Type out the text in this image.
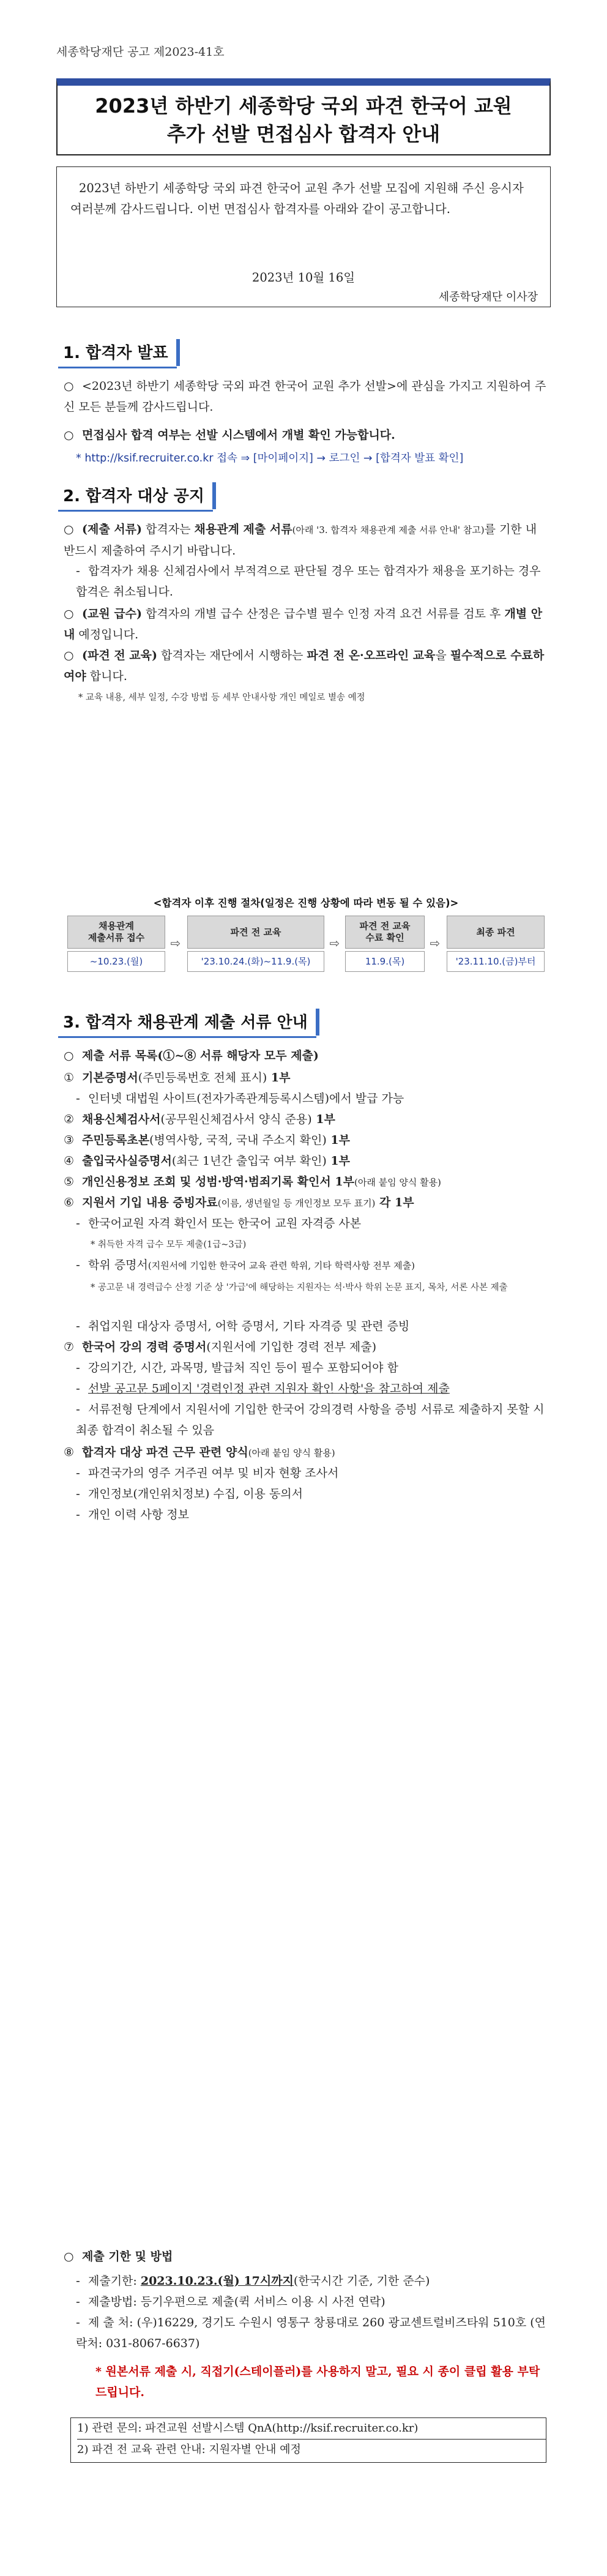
세종학당재단 공고 제2023-41호
2023년 하반기 세종학당 국외 파견 한국어 교원
추가 선발 면접심사 합격자 안내
2023년 하반기 세종학당 국외 파견 한국어 교원 추가 선발 모집에 지원해 주신 응시자 여러분께 감사드립니다. 이번 면접심사 합격자를 아래와 같이 공고합니다.
2023년 10월 16일
세종학당재단 이사장
1. 합격자 발표
○ <2023년 하반기 세종학당 국외 파견 한국어 교원 추가 선발>에 관심을 가지고 지원하여 주신 모든 분들께 감사드립니다.
○ 면접심사 합격 여부는 선발 시스템에서 개별 확인 가능합니다.
* http://ksif.recruiter.co.kr 접속 ⇒ [마이페이지] → 로그인 → [합격자 발표 확인]
2. 합격자 대상 공지
○ (제출 서류) 합격자는 채용관계 제출 서류(아래 '3. 합격자 채용관계 제출 서류 안내' 참고)를 기한 내 반드시 제출하여 주시기 바랍니다.
- 합격자가 채용 신체검사에서 부적격으로 판단될 경우 또는 합격자가 채용을 포기하는 경우 합격은 취소됩니다.
○ (교원 급수) 합격자의 개별 급수 산정은 급수별 필수 인정 자격 요건 서류를 검토 후 개별 안내 예정입니다.
○ (파견 전 교육) 합격자는 재단에서 시행하는 파견 전 온·오프라인 교육을 필수적으로 수료하여야 합니다.
* 교육 내용, 세부 일정, 수강 방법 등 세부 안내사항 개인 메일로 별송 예정
<합격자 이후 진행 절차(일정은 진행 상황에 따라 변동 될 수 있음)>
채용관계
제출서류 접수
~10.23.(월)
⇨
파견 전 교육
'23.10.24.(화)~11.9.(목)
⇨
파견 전 교육
수료 확인
11.9.(목)
⇨
최종 파견
'23.11.10.(금)부터
3. 합격자 채용관계 제출 서류 안내
○ 제출 서류 목록(①~⑧ 서류 해당자 모두 제출)
① 기본증명서(주민등록번호 전체 표시) 1부
- 인터넷 대법원 사이트(전자가족관계등록시스템)에서 발급 가능
② 채용신체검사서(공무원신체검사서 양식 준용) 1부
③ 주민등록초본(병역사항, 국적, 국내 주소지 확인) 1부
④ 출입국사실증명서(최근 1년간 출입국 여부 확인) 1부
⑤ 개인신용정보 조회 및 성범·방역·범죄기록 확인서 1부(아래 붙임 양식 활용)
⑥ 지원서 기입 내용 증빙자료(이름, 생년월일 등 개인정보 모두 표기) 각 1부
- 한국어교원 자격 확인서 또는 한국어 교원 자격증 사본
* 취득한 자격 급수 모두 제출(1급~3급)
- 학위 증명서(지원서에 기입한 한국어 교육 관련 학위, 기타 학력사항 전부 제출)
* 공고문 내 경력급수 산정 기준 상 '가급'에 해당하는 지원자는 석·박사 학위 논문 표지, 목차, 서론 사본 제출
- 취업지원 대상자 증명서, 어학 증명서, 기타 자격증 및 관련 증빙
⑦ 한국어 강의 경력 증명서(지원서에 기입한 경력 전부 제출)
- 강의기간, 시간, 과목명, 발급처 직인 등이 필수 포함되어야 함
- 선발 공고문 5페이지 '경력인정 관련 지원자 확인 사항'을 참고하여 제출
- 서류전형 단계에서 지원서에 기입한 한국어 강의경력 사항을 증빙 서류로 제출하지 못할 시 최종 합격이 취소될 수 있음
⑧ 합격자 대상 파견 근무 관련 양식(아래 붙임 양식 활용)
- 파견국가의 영주 거주권 여부 및 비자 현황 조사서
- 개인정보(개인위치정보) 수집, 이용 동의서
- 개인 이력 사항 정보
○ 제출 기한 및 방법
- 제출기한: 2023.10.23.(월) 17시까지(한국시간 기준, 기한 준수)
- 제출방법: 등기우편으로 제출(퀵 서비스 이용 시 사전 연락)
- 제 출 처: (우)16229, 경기도 수원시 영통구 창룡대로 260 광교센트럴비즈타워 510호 (연락처: 031-8067-6637)
* 원본서류 제출 시, 직접기(스테이플러)를 사용하지 말고, 필요 시 종이 클립 활용 부탁드립니다.
1) 관련 문의: 파견교원 선발시스템 QnA(http://ksif.recruiter.co.kr)
2) 파견 전 교육 관련 안내: 지원자별 안내 예정
